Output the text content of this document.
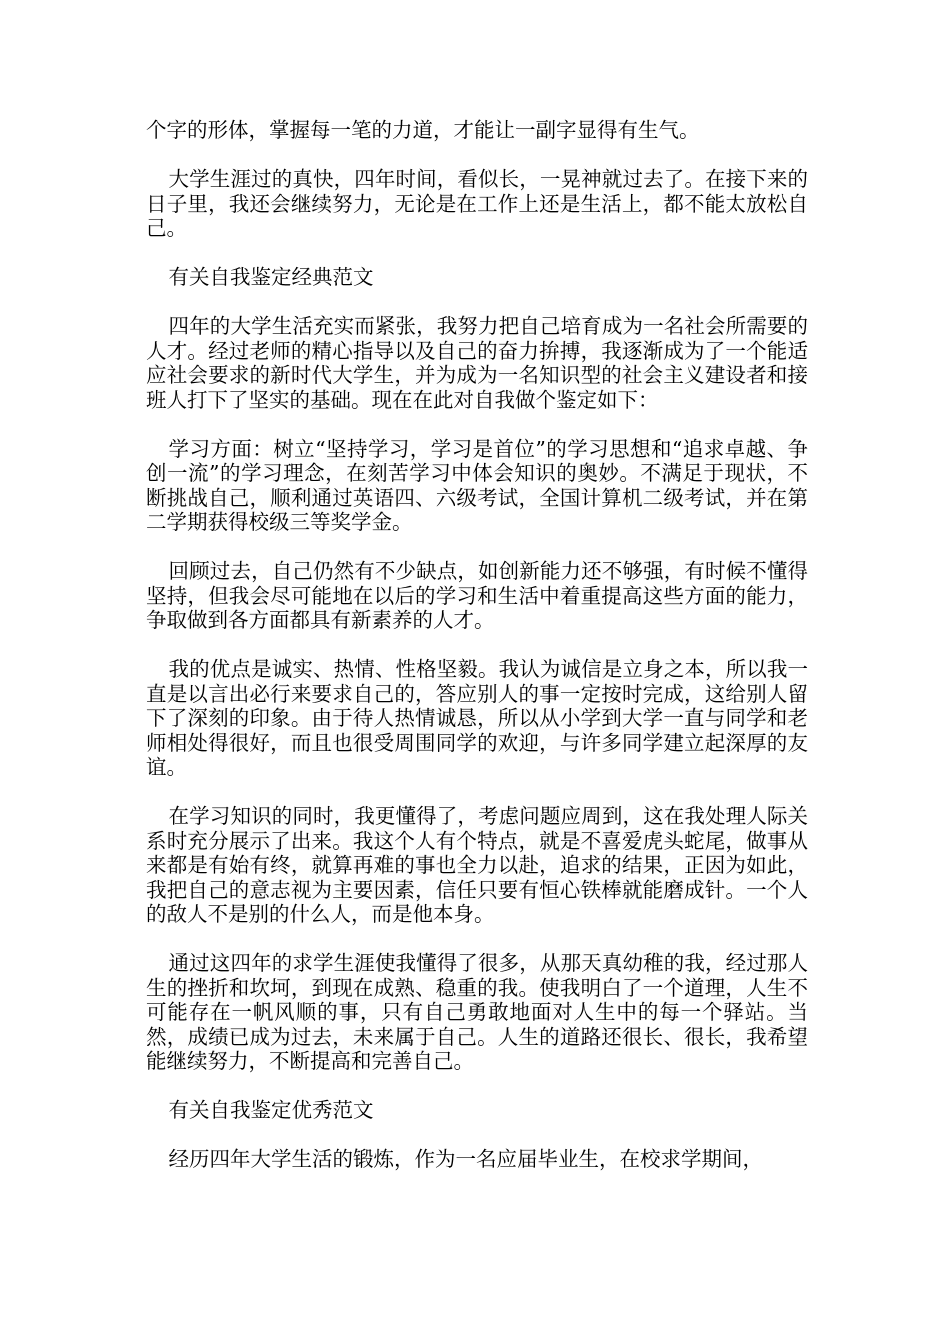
个字的形体，掌握每一笔的力道，才能让一副字显得有生气。

大学生涯过的真快，四年时间，看似长，一晃神就过去了。在接下来的日子里，我还会继续努力，无论是在工作上还是生活上，都不能太放松自己。

有关自我鉴定经典范文

四年的大学生活充实而紧张，我努力把自己培育成为一名社会所需要的人才。经过老师的精心指导以及自己的奋力拚搏，我逐渐成为了一个能适应社会要求的新时代大学生，并为成为一名知识型的社会主义建设者和接班人打下了坚实的基础。现在在此对自我做个鉴定如下：

学习方面：树立“坚持学习，学习是首位”的学习思想和“追求卓越、争创一流”的学习理念，在刻苦学习中体会知识的奥妙。不满足于现状，不断挑战自己，顺利通过英语四、六级考试，全国计算机二级考试，并在第二学期获得校级三等奖学金。

回顾过去，自己仍然有不少缺点，如创新能力还不够强，有时候不懂得坚持，但我会尽可能地在以后的学习和生活中着重提高这些方面的能力，争取做到各方面都具有新素养的人才。

我的优点是诚实、热情、性格坚毅。我认为诚信是立身之本，所以我一直是以言出必行来要求自己的，答应别人的事一定按时完成，这给别人留下了深刻的印象。由于待人热情诚恳，所以从小学到大学一直与同学和老师相处得很好，而且也很受周围同学的欢迎，与许多同学建立起深厚的友谊。

在学习知识的同时，我更懂得了，考虑问题应周到，这在我处理人际关系时充分展示了出来。我这个人有个特点，就是不喜爱虎头蛇尾，做事从来都是有始有终，就算再难的事也全力以赴，追求的结果，正因为如此，我把自己的意志视为主要因素，信任只要有恒心铁棒就能磨成针。一个人的敌人不是别的什么人，而是他本身。

通过这四年的求学生涯使我懂得了很多，从那天真幼稚的我，经过那人生的挫折和坎坷，到现在成熟、稳重的我。使我明白了一个道理，人生不可能存在一帆风顺的事，只有自己勇敢地面对人生中的每一个驿站。当然，成绩已成为过去，未来属于自己。人生的道路还很长、很长，我希望能继续努力，不断提高和完善自己。

有关自我鉴定优秀范文

经历四年大学生活的锻炼，作为一名应届毕业生，在校求学期间，
